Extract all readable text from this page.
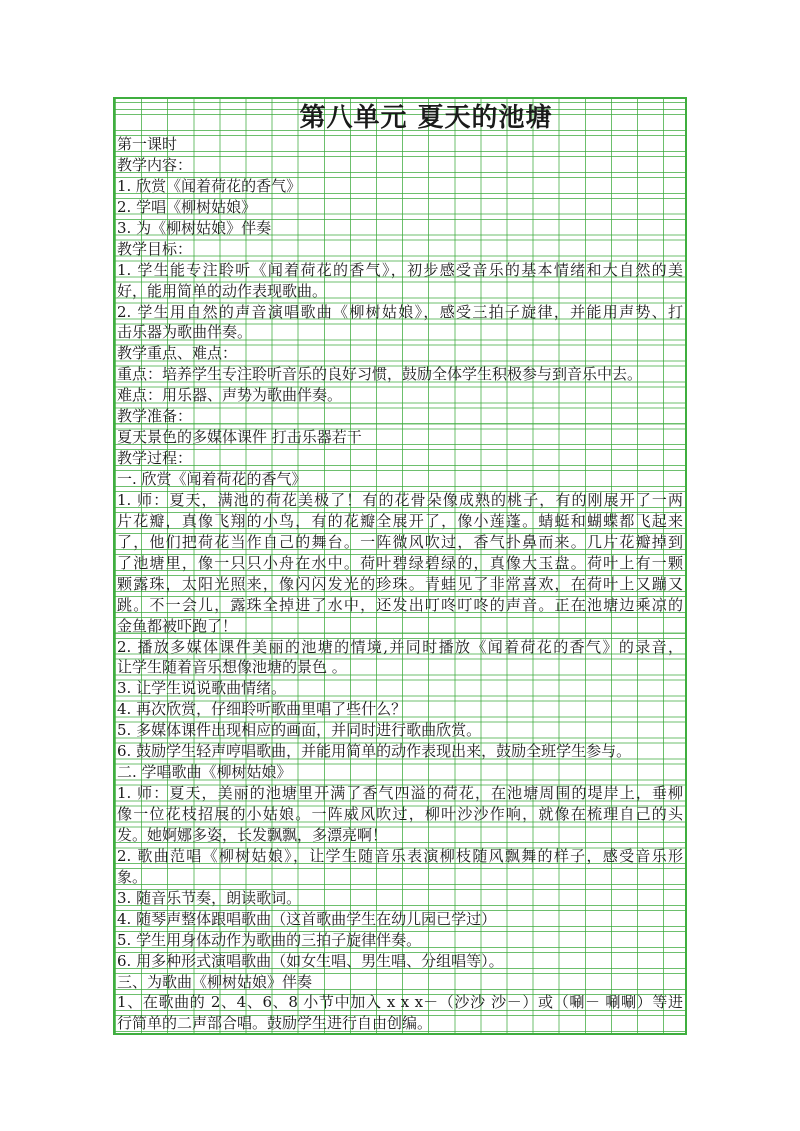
第八单元 夏天的池塘
第一课时
教学内容：
1. 欣赏《闻着荷花的香气》
2. 学唱《柳树姑娘》
3. 为《柳树姑娘》伴奏
教学目标：
1. 学生能专注聆听《闻着荷花的香气》，初步感受音乐的基本情绪和大自然的美
好，能用简单的动作表现歌曲。
2. 学生用自然的声音演唱歌曲《柳树姑娘》，感受三拍子旋律，并能用声势、打
击乐器为歌曲伴奏。
教学重点、难点：
重点：培养学生专注聆听音乐的良好习惯，鼓励全体学生积极参与到音乐中去。
难点：用乐器、声势为歌曲伴奏。
教学准备：
夏天景色的多媒体课件 打击乐器若干
教学过程：
一. 欣赏《闻着荷花的香气》
1. 师：夏天，满池的荷花美极了！有的花骨朵像成熟的桃子，有的刚展开了一两
片花瓣，真像飞翔的小鸟，有的花瓣全展开了，像小莲蓬。蜻蜓和蝴蝶都飞起来
了，他们把荷花当作自己的舞台。一阵微风吹过，香气扑鼻而来。几片花瓣掉到
了池塘里，像一只只小舟在水中。荷叶碧绿碧绿的，真像大玉盘。荷叶上有一颗
颗露珠，太阳光照来，像闪闪发光的珍珠。青蛙见了非常喜欢，在荷叶上又蹦又
跳。不一会儿，露珠全掉进了水中，还发出叮咚叮咚的声音。正在池塘边乘凉的
金鱼都被吓跑了！
2. 播放多媒体课件美丽的池塘的情境,并同时播放《闻着荷花的香气》的录音，
让学生随着音乐想像池塘的景色 。
3. 让学生说说歌曲情绪。
4. 再次欣赏，仔细聆听歌曲里唱了些什么？
5. 多媒体课件出现相应的画面，并同时进行歌曲欣赏。
6. 鼓励学生轻声哼唱歌曲，并能用简单的动作表现出来，鼓励全班学生参与。
二. 学唱歌曲《柳树姑娘》
1. 师：夏天，美丽的池塘里开满了香气四溢的荷花，在池塘周围的堤岸上，垂柳
像一位花枝招展的小姑娘。一阵威风吹过，柳叶沙沙作响，就像在梳理自己的头
发。她婀娜多姿，长发飘飘，多漂亮啊！
2. 歌曲范唱《柳树姑娘》，让学生随音乐表演柳枝随风飘舞的样子，感受音乐形
象。
3. 随音乐节奏，朗读歌词。
4. 随琴声整体跟唱歌曲（这首歌曲学生在幼儿园已学过）
5. 学生用身体动作为歌曲的三拍子旋律伴奏。
6. 用多种形式演唱歌曲（如女生唱、男生唱、分组唱等）。
三、为歌曲《柳树姑娘》伴奏
1、在歌曲的 2、4、6、8 小节中加入 x x x－（沙沙 沙－）或（唰－ 唰唰）等进
行简单的二声部合唱。鼓励学生进行自由创编。
